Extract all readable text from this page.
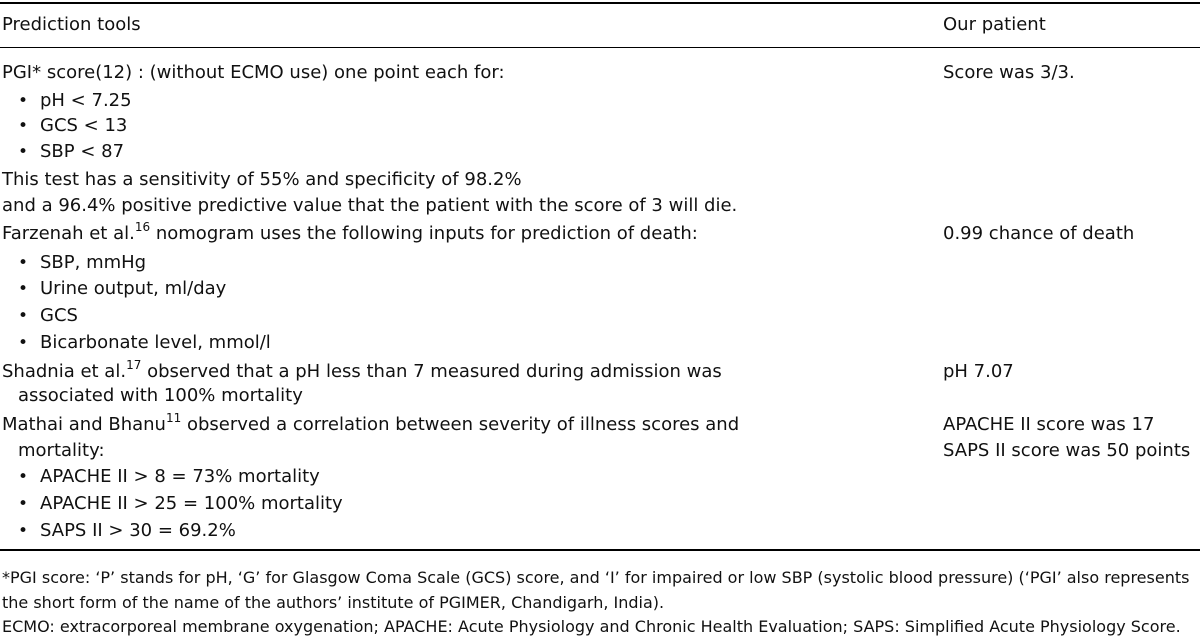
Prediction tools	Our patient
PGI* score(12) : (without ECMO use) one point each for:
• pH < 7.25
• GCS < 13
• SBP < 87
This test has a sensitivity of 55% and specificity of 98.2%
and a 96.4% positive predictive value that the patient with the score of 3 will die.
Score was 3/3.
Farzenah et al.$^{16}$ nomogram uses the following inputs for prediction of death:
• SBP, mmHg
• Urine output, ml/day
• GCS
• Bicarbonate level, mmol/l
0.99 chance of death
Shadnia et al.$^{17}$ observed that a pH less than 7 measured during admission was
associated with 100% mortality
pH 7.07
Mathai and Bhanu$^{11}$ observed a correlation between severity of illness scores and
mortality:
• APACHE II > 8 = 73% mortality
• APACHE II > 25 = 100% mortality
• SAPS II > 30 = 69.2%
APACHE II score was 17
SAPS II score was 50 points
*PGI score: ‘P’ stands for pH, ‘G’ for Glasgow Coma Scale (GCS) score, and ‘I’ for impaired or low SBP (systolic blood pressure) (‘PGI’ also represents
the short form of the name of the authors’ institute of PGIMER, Chandigarh, India).
ECMO: extracorporeal membrane oxygenation; APACHE: Acute Physiology and Chronic Health Evaluation; SAPS: Simplified Acute Physiology Score.
